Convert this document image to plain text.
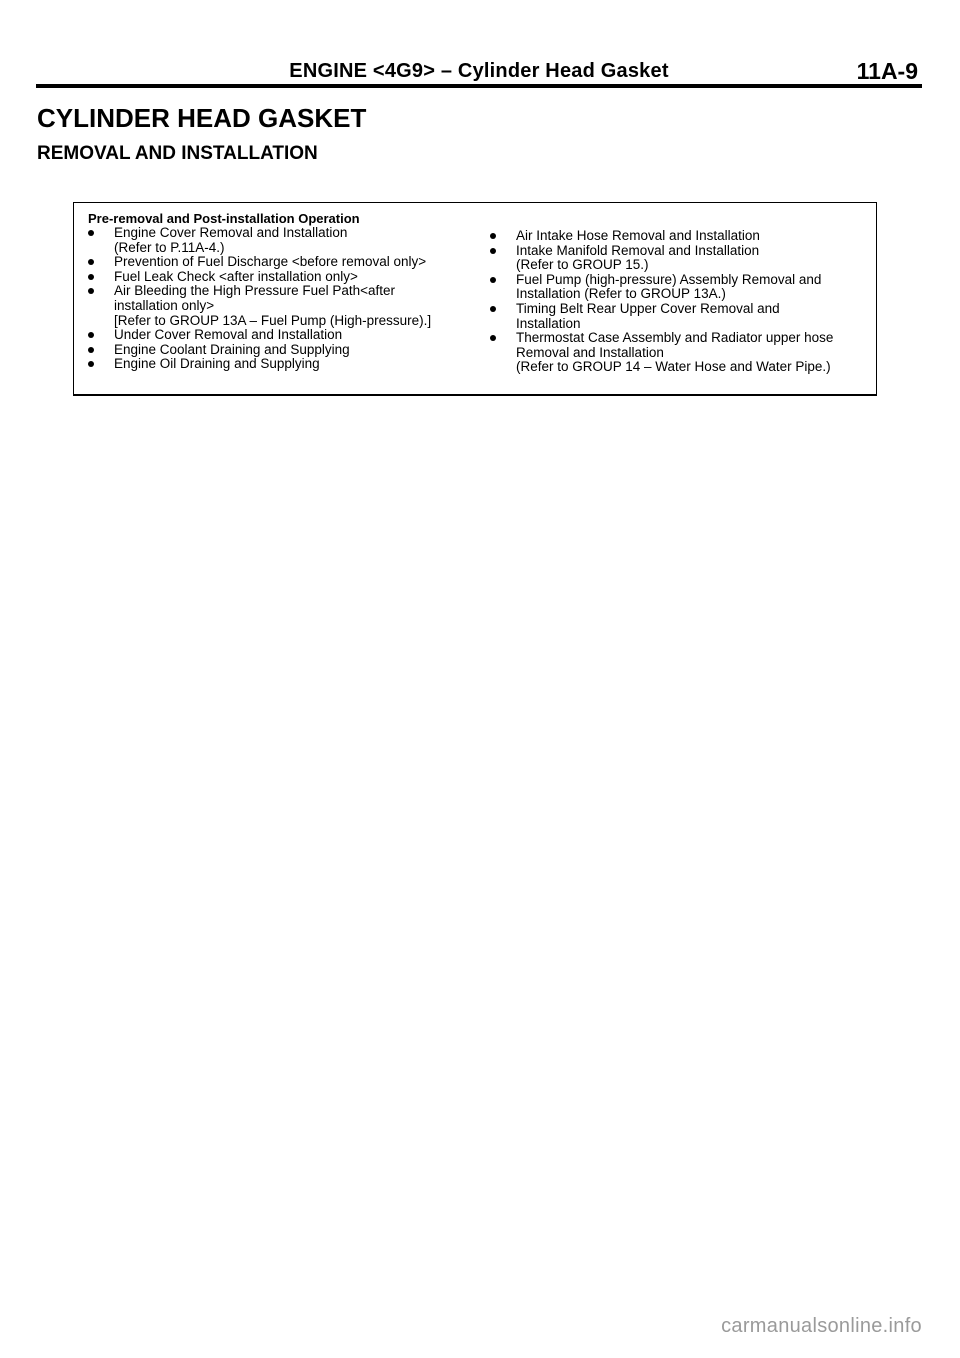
ENGINE <4G9> – Cylinder Head Gasket	11A-9
CYLINDER HEAD GASKET
REMOVAL AND INSTALLATION
Pre-removal and Post-installation Operation
Engine Cover Removal and Installation
(Refer to P.11A-4.)
Prevention of Fuel Discharge <before removal only>
Fuel Leak Check <after installation only>
Air Bleeding the High Pressure Fuel Path<after
installation only>
[Refer to GROUP 13A – Fuel Pump (High-pressure).]
Under Cover Removal and Installation
Engine Coolant Draining and Supplying
Engine Oil Draining and Supplying
Air Intake Hose Removal and Installation
Intake Manifold Removal and Installation
(Refer to GROUP 15.)
Fuel Pump (high-pressure) Assembly Removal and
Installation (Refer to GROUP 13A.)
Timing Belt Rear Upper Cover Removal and
Installation
Thermostat Case Assembly and Radiator upper hose
Removal and Installation
(Refer to GROUP 14 – Water Hose and Water Pipe.)
carmanualsonline.info
